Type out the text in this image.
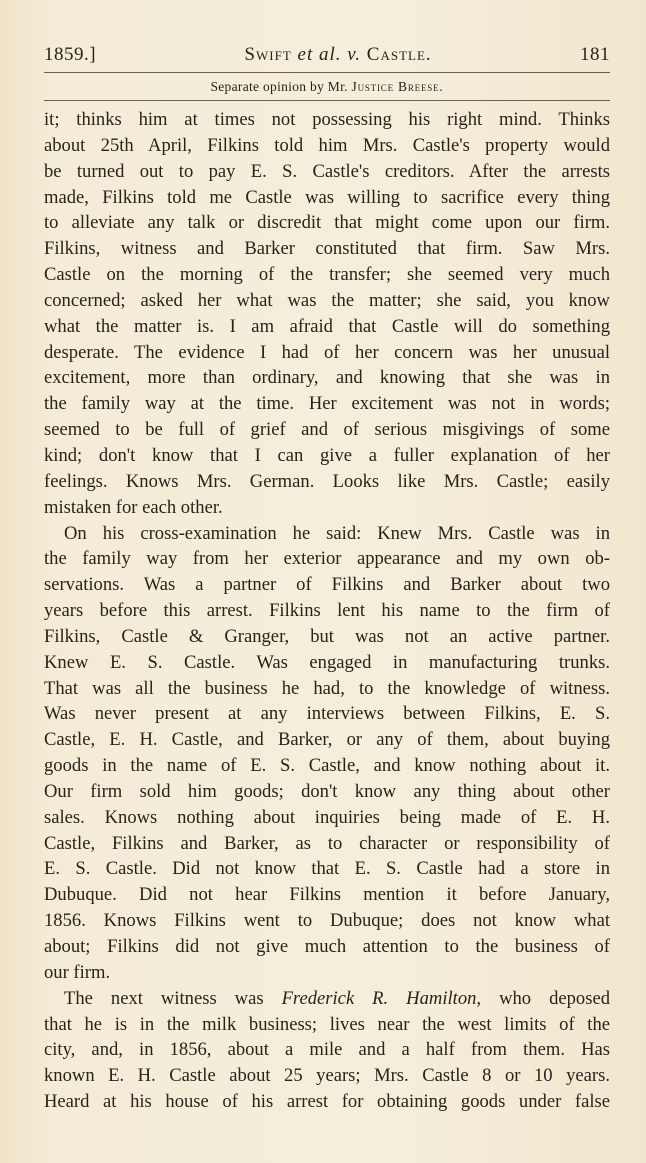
1859.]	Swift et al. v. Castle.	181
Separate opinion by Mr. Justice Breese.
it; thinks him at times not possessing his right mind. Thinks
about 25th April, Filkins told him Mrs. Castle's property would
be turned out to pay E. S. Castle's creditors. After the arrests
made, Filkins told me Castle was willing to sacrifice every thing
to alleviate any talk or discredit that might come upon our firm.
Filkins, witness and Barker constituted that firm. Saw Mrs.
Castle on the morning of the transfer; she seemed very much
concerned; asked her what was the matter; she said, you know
what the matter is. I am afraid that Castle will do something
desperate. The evidence I had of her concern was her unusual
excitement, more than ordinary, and knowing that she was in
the family way at the time. Her excitement was not in words;
seemed to be full of grief and of serious misgivings of some
kind; don't know that I can give a fuller explanation of her
feelings. Knows Mrs. German. Looks like Mrs. Castle; easily
mistaken for each other.
On his cross-examination he said: Knew Mrs. Castle was in
the family way from her exterior appearance and my own ob-
servations. Was a partner of Filkins and Barker about two
years before this arrest. Filkins lent his name to the firm of
Filkins, Castle & Granger, but was not an active partner.
Knew E. S. Castle. Was engaged in manufacturing trunks.
That was all the business he had, to the knowledge of witness.
Was never present at any interviews between Filkins, E. S.
Castle, E. H. Castle, and Barker, or any of them, about buying
goods in the name of E. S. Castle, and know nothing about it.
Our firm sold him goods; don't know any thing about other
sales. Knows nothing about inquiries being made of E. H.
Castle, Filkins and Barker, as to character or responsibility of
E. S. Castle. Did not know that E. S. Castle had a store in
Dubuque. Did not hear Filkins mention it before January,
1856. Knows Filkins went to Dubuque; does not know what
about; Filkins did not give much attention to the business of
our firm.
The next witness was Frederick R. Hamilton, who deposed
that he is in the milk business; lives near the west limits of the
city, and, in 1856, about a mile and a half from them. Has
known E. H. Castle about 25 years; Mrs. Castle 8 or 10 years.
Heard at his house of his arrest for obtaining goods under false
